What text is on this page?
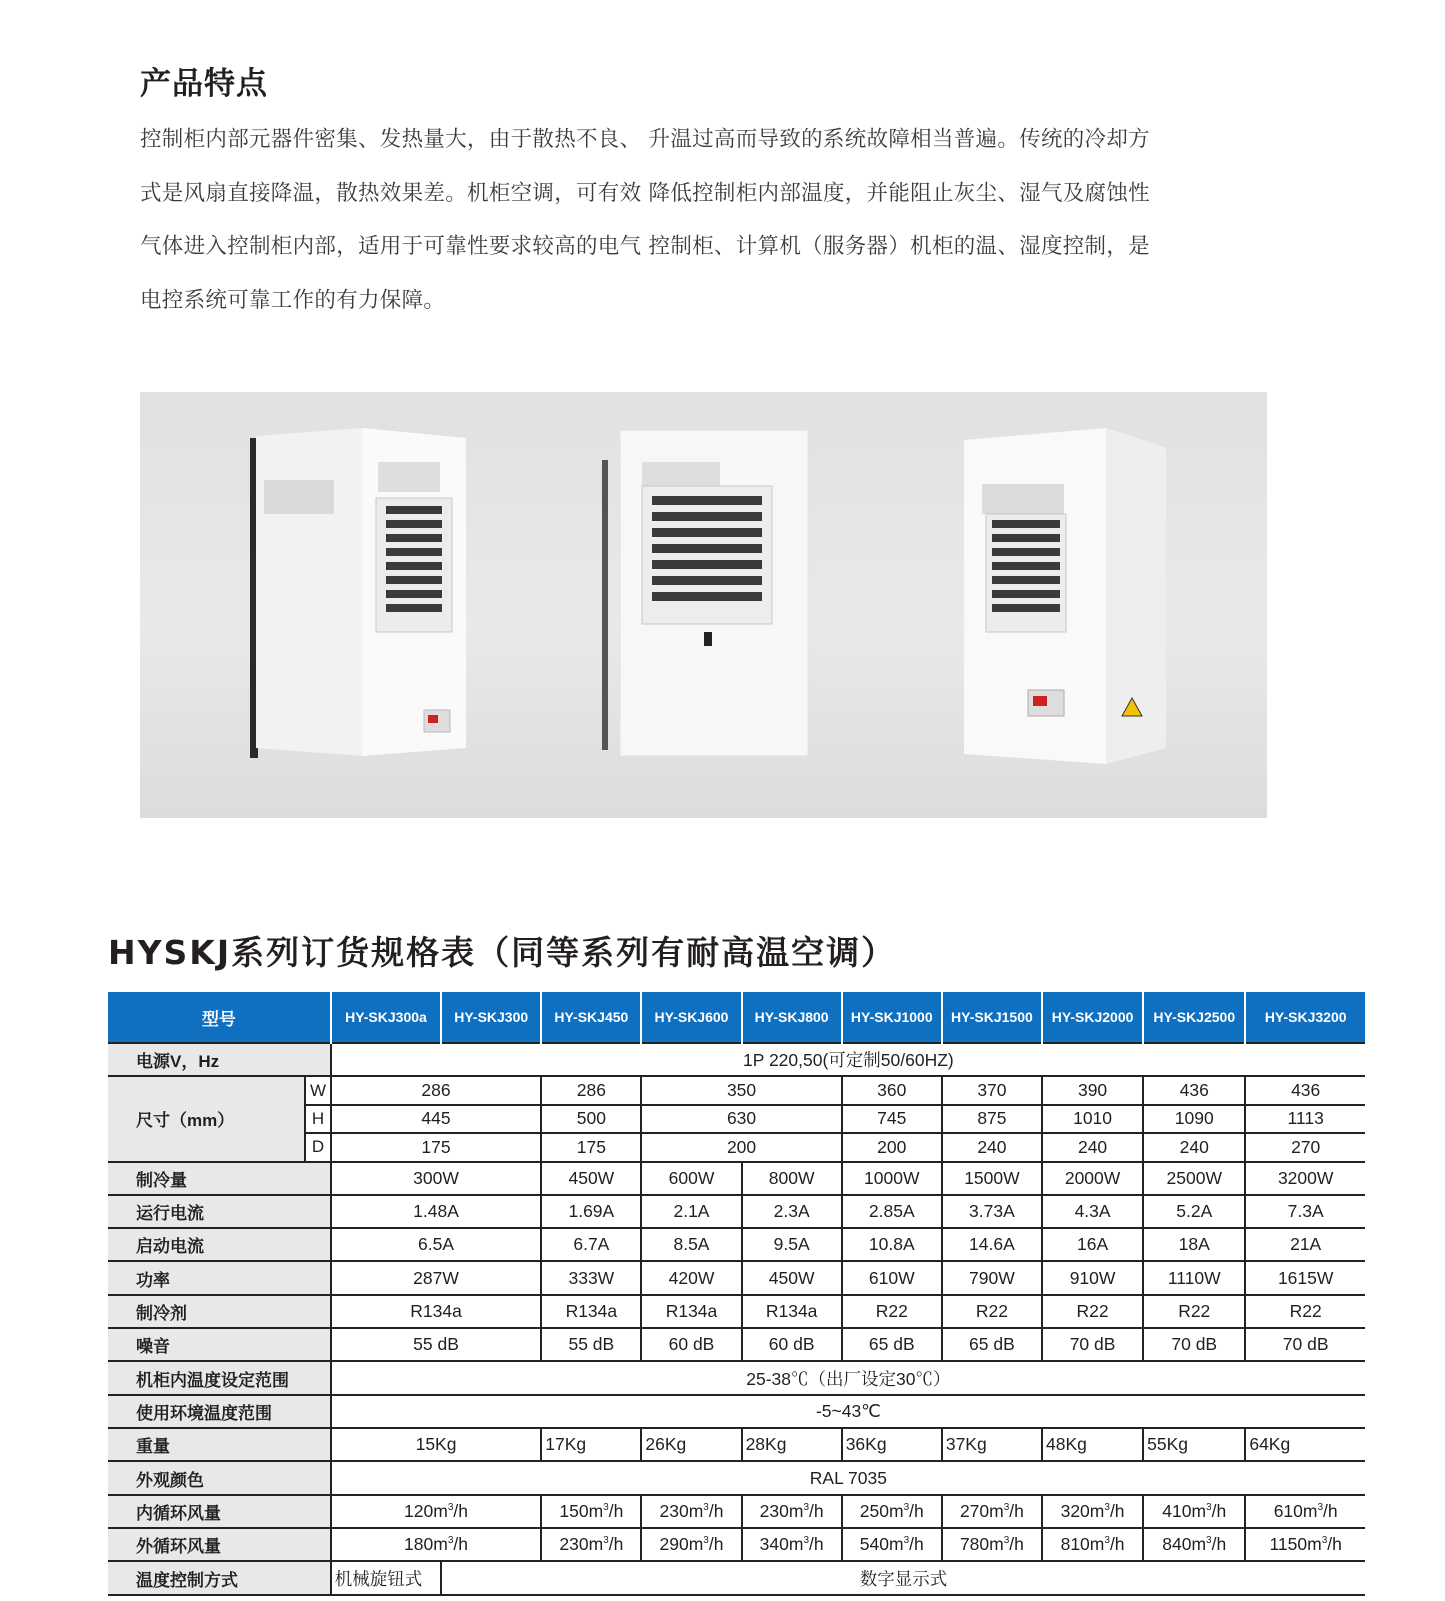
产品特点
控制柜内部元器件密集、发热量大，由于散热不良、 升温过高而导致的系统故障相当普遍。传统的冷却方
式是风扇直接降温，散热效果差。机柜空调，可有效 降低控制柜内部温度，并能阻止灰尘、湿气及腐蚀性
气体进入控制柜内部，适用于可靠性要求较高的电气 控制柜、计算机（服务器）机柜的温、湿度控制，是
电控系统可靠工作的有力保障。
HYSKJ系列订货规格表（同等系列有耐高温空调）
型号		HY-SKJ300a	HY-SKJ300	HY-SKJ450	HY-SKJ600	HY-SKJ800	HY-SKJ1000	HY-SKJ1500	HY-SKJ2000	HY-SKJ2500	HY-SKJ3200
电源V，Hz		1P 220,50(可定制50/60HZ)									
尺寸（mm）	W	286		286	350		360	370	390	436	436
	H	445		500	630		745	875	1010	1090	1113
	D	175		175	200		200	240	240	240	270
制冷量		300W		450W	600W	800W	1000W	1500W	2000W	2500W	3200W
运行电流		1.48A		1.69A	2.1A	2.3A	2.85A	3.73A	4.3A	5.2A	7.3A
启动电流		6.5A		6.7A	8.5A	9.5A	10.8A	14.6A	16A	18A	21A
功率		287W		333W	420W	450W	610W	790W	910W	1110W	1615W
制冷剂		R134a		R134a	R134a	R134a	R22	R22	R22	R22	R22
噪音		55 dB		55 dB	60 dB	60 dB	65 dB	65 dB	70 dB	70 dB	70 dB
机柜内温度设定范围		25-38℃（出厂设定30℃）									
使用环境温度范围		-5~43℃									
重量		15Kg		17Kg	26Kg	28Kg	36Kg	37Kg	48Kg	55Kg	64Kg
外观颜色		RAL 7035									
内循环风量		$120m^3/h$		$150m^3/h$	$230m^3/h$	$230m^3/h$	$250m^3/h$	$270m^3/h$	$320m^3/h$	$410m^3/h$	$610m^3/h$
外循环风量		$180m^3/h$		$230m^3/h$	$290m^3/h$	$340m^3/h$	$540m^3/h$	$780m^3/h$	$810m^3/h$	$840m^3/h$	$1150m^3/h$
温度控制方式		机械旋钮式	数字显示式								
